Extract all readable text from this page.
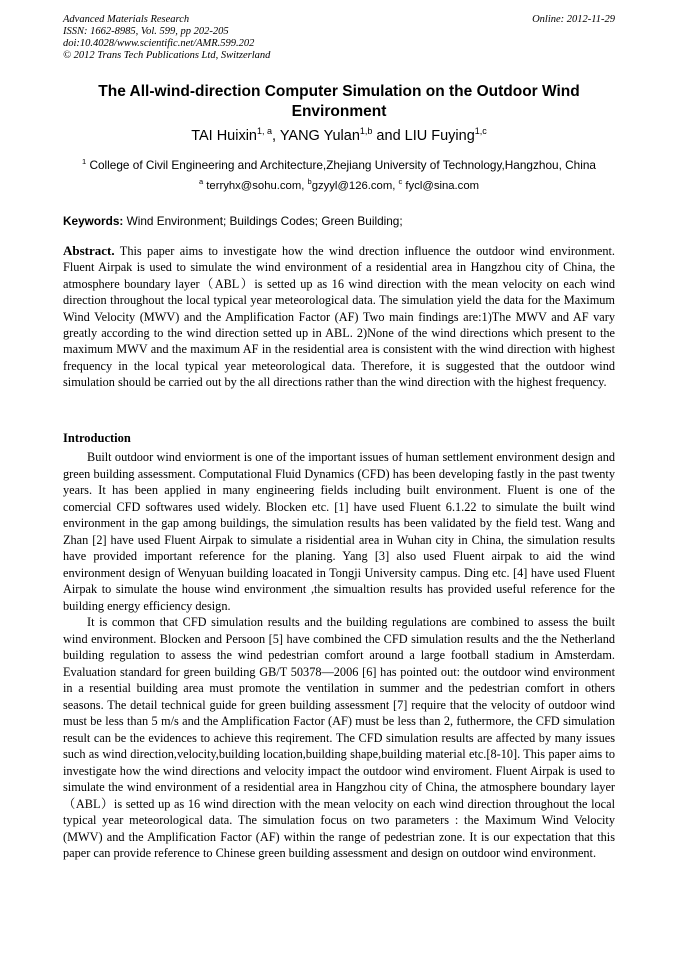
Advanced Materials Research
ISSN: 1662-8985, Vol. 599, pp 202-205
doi:10.4028/www.scientific.net/AMR.599.202
© 2012 Trans Tech Publications Ltd, Switzerland
Online: 2012-11-29
The All-wind-direction Computer Simulation on the Outdoor Wind Environment
TAI Huixin$^{1, a}$, YANG Yulan$^{1,b}$ and LIU Fuying$^{1,c}$
$^1$ College of Civil Engineering and Architecture,Zhejiang University of Technology,Hangzhou, China
$^a$ terryhx@sohu.com, $^b$gzyyl@126.com, $^c$ fycl@sina.com
Keywords: Wind Environment; Buildings Codes; Green Building;

Abstract. This paper aims to investigate how the wind drection influence the outdoor wind environment. Fluent Airpak is used to simulate the wind environment of a residential area in Hangzhou city of China, the atmosphere boundary layer（ABL）is setted up as 16 wind direction with the mean velocity on each wind direction throughout the local typical year meteorological data. The simulation yield the data for the Maximum Wind Velocity (MWV) and the Amplification Factor (AF) Two main findings are:1)The MWV and AF vary greatly according to the wind direction setted up in ABL. 2)None of the wind directions which present to the maximum MWV and the maximum AF in the residential area is consistent with the wind direction with highest frequency in the local typical year meteorological data. Therefore, it is suggested that the outdoor wind simulation should be carried out by the all directions rather than the wind direction with the highest frequency.

Introduction

Built outdoor wind enviorment is one of the important issues of human settlement environment design and green building assessment. Computational Fluid Dynamics (CFD) has been developing fastly in the past twenty years. It has been applied in many engineering fields including built environment. Fluent is one of the comercial CFD softwares used widely. Blocken etc. [1] have used Fluent 6.1.22 to simulate the built wind environment in the gap among buildings, the simulation results has been validated by the field test. Wang and Zhan [2] have used Fluent Airpak to simulate a risidential area in Wuhan city in China, the simulation results have provided important reference for the planing. Yang [3] also used Fluent airpak to aid the wind environment design of Wenyuan building loacated in Tongji University campus. Ding etc. [4] have used Fluent Airpak to simulate the house wind environment ,the simualtion results has provided useful reference for the building energy efficiency design.

It is common that CFD simulation results and the building regulations are combined to assess the built wind environment. Blocken and Persoon [5] have combined the CFD simulation results and the the Netherland building regulation to assess the wind pedestrian comfort around a large football stadium in Amsterdam. Evaluation standard for green building GB/T 50378—2006 [6] has pointed out: the outdoor wind environment in a resential building area must promote the ventilation in summer and the pedestrian comfort in others seasons. The detail technical guide for green building assessment [7] require that the velocity of outdoor wind must be less than 5 m/s and the Amplification Factor (AF) must be less than 2, futhermore, the CFD simulation result can be the evidences to achieve this reqirement. The CFD simulation results are affected by many issues such as wind direction,velocity,building location,building shape,building material etc.[8-10]. This paper aims to investigate how the wind directions and velocity impact the outdoor wind enviroment. Fluent Airpak is used to simulate the wind environment of a residential area in Hangzhou city of China, the atmosphere boundary layer（ABL）is setted up as 16 wind direction with the mean velocity on each wind direction throughout the local typical year meteorological data. The simulation focus on two parameters : the Maximum Wind Velocity (MWV) and the Amplification Factor (AF) within the range of pedestrian zone. It is our expectation that this paper can provide reference to Chinese green building assessment and design on outdoor wind environment.
